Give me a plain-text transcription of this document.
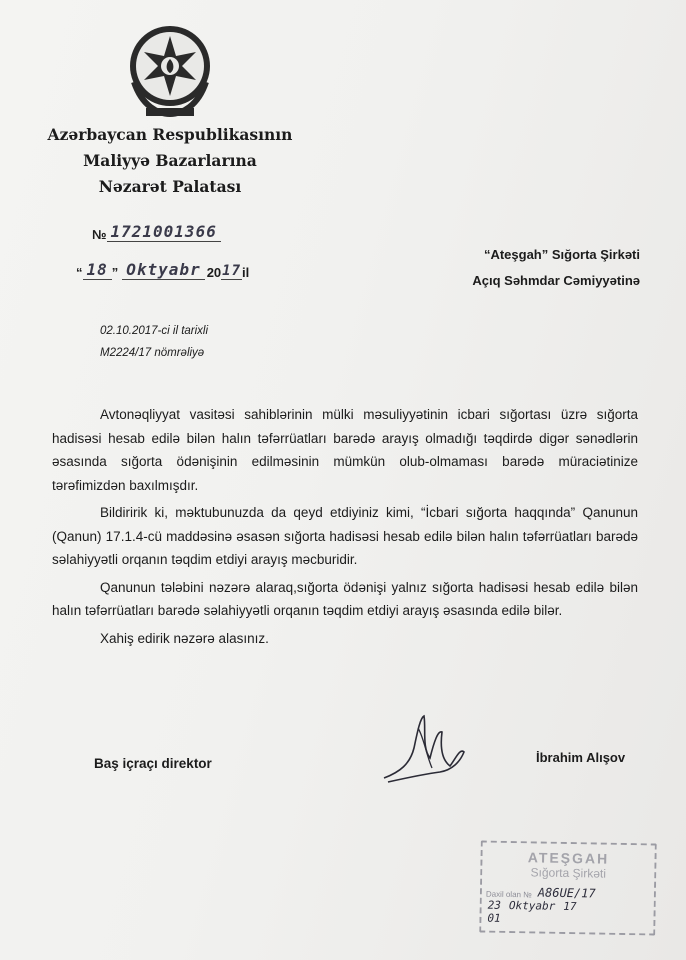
Azərbaycan Respublikasının
Maliyyə Bazarlarına
Nəzarət Palatası
№ 1721001366
“ 18 ” Oktyabr 20 17 il
“Ateşgah” Sığorta Şirkəti
Açıq Səhmdar Cəmiyyətinə
02.10.2017-ci il tarixli
M2224/17 nömrəliyə

Avtonəqliyyat vasitəsi sahiblərinin mülki məsuliyyətinin icbari sığortası üzrə sığorta hadisəsi hesab edilə bilən halın təfərrüatları barədə arayış olmadığı təqdirdə digər sənədlərin əsasında sığorta ödənişinin edilməsinin mümkün olub-olmaması barədə müraciətinize tərəfimizdən baxılmışdır.

Bildiririk ki, məktubunuzda da qeyd etdiyiniz kimi, “İcbari sığorta haqqında” Qanunun (Qanun) 17.1.4-cü maddəsinə əsasən sığorta hadisəsi hesab edilə bilən halın təfərrüatları barədə səlahiyyətli orqanın təqdim etdiyi arayış məcburidir.

Qanunun tələbini nəzərə alaraq,sığorta ödənişi yalnız sığorta hadisəsi hesab edilə bilən halın təfərrüatları barədə səlahiyyətli orqanın təqdim etdiyi arayış əsasında edilə bilər.

Xahiş edirik nəzərə alasınız.

Baş içraçı direktor	İbrahim Alışov
ATEŞGAH
Sığorta Şirkəti
Daxil olan № A86UE/17
23 Oktyabr 17
01
